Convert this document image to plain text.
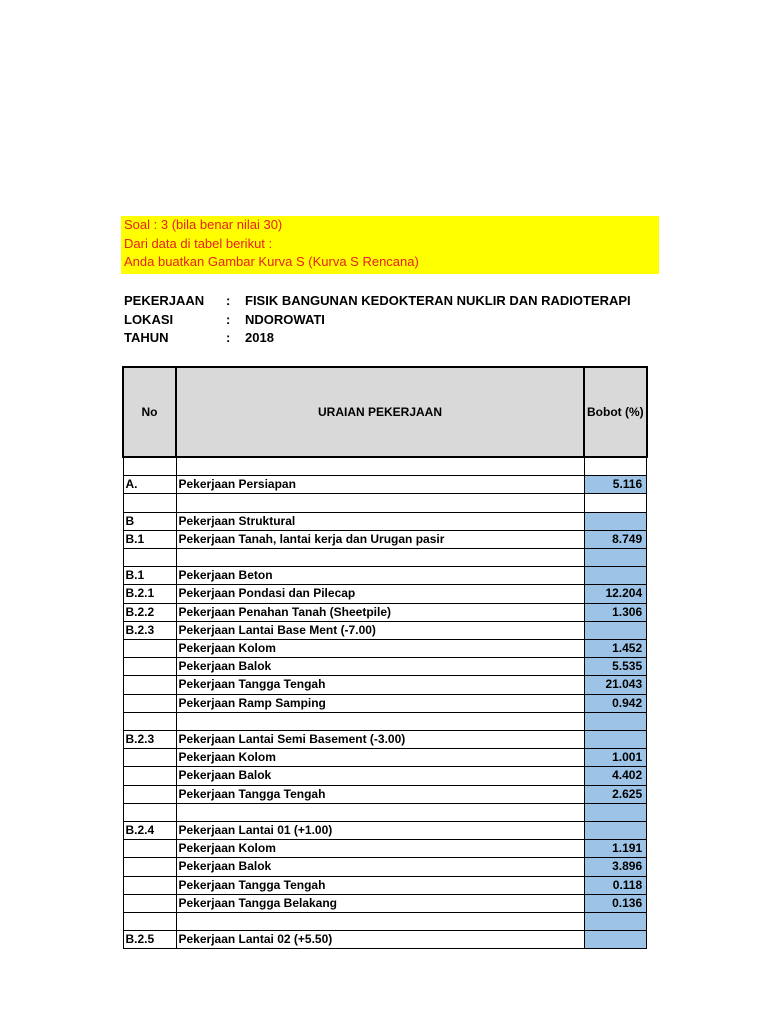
Soal : 3 (bila benar nilai 30)
Dari data di tabel berikut :
Anda buatkan Gambar Kurva S (Kurva S Rencana)
PEKERJAAN : FISIK BANGUNAN KEDOKTERAN NUKLIR DAN RADIOTERAPI
LOKASI	: NDOROWATI
TAHUN	: 2018
No	URAIAN PEKERJAAN	Bobot (%)

A.	Pekerjaan Persiapan	5.116

B	Pekerjaan Struktural	
B.1	Pekerjaan Tanah, lantai kerja dan Urugan pasir	8.749

B.1	Pekerjaan Beton	
B.2.1	Pekerjaan Pondasi dan Pilecap	12.204
B.2.2	Pekerjaan Penahan Tanah (Sheetpile)	1.306
B.2.3	Pekerjaan Lantai Base Ment (-7.00)	
	Pekerjaan Kolom	1.452
	Pekerjaan Balok	5.535
	Pekerjaan Tangga Tengah	21.043
	Pekerjaan Ramp Samping	0.942

B.2.3	Pekerjaan Lantai Semi Basement (-3.00)	
	Pekerjaan Kolom	1.001
	Pekerjaan Balok	4.402
	Pekerjaan Tangga Tengah	2.625

B.2.4	Pekerjaan Lantai 01 (+1.00)	
	Pekerjaan Kolom	1.191
	Pekerjaan Balok	3.896
	Pekerjaan Tangga Tengah	0.118
	Pekerjaan Tangga Belakang	0.136

B.2.5	Pekerjaan Lantai 02 (+5.50)	
